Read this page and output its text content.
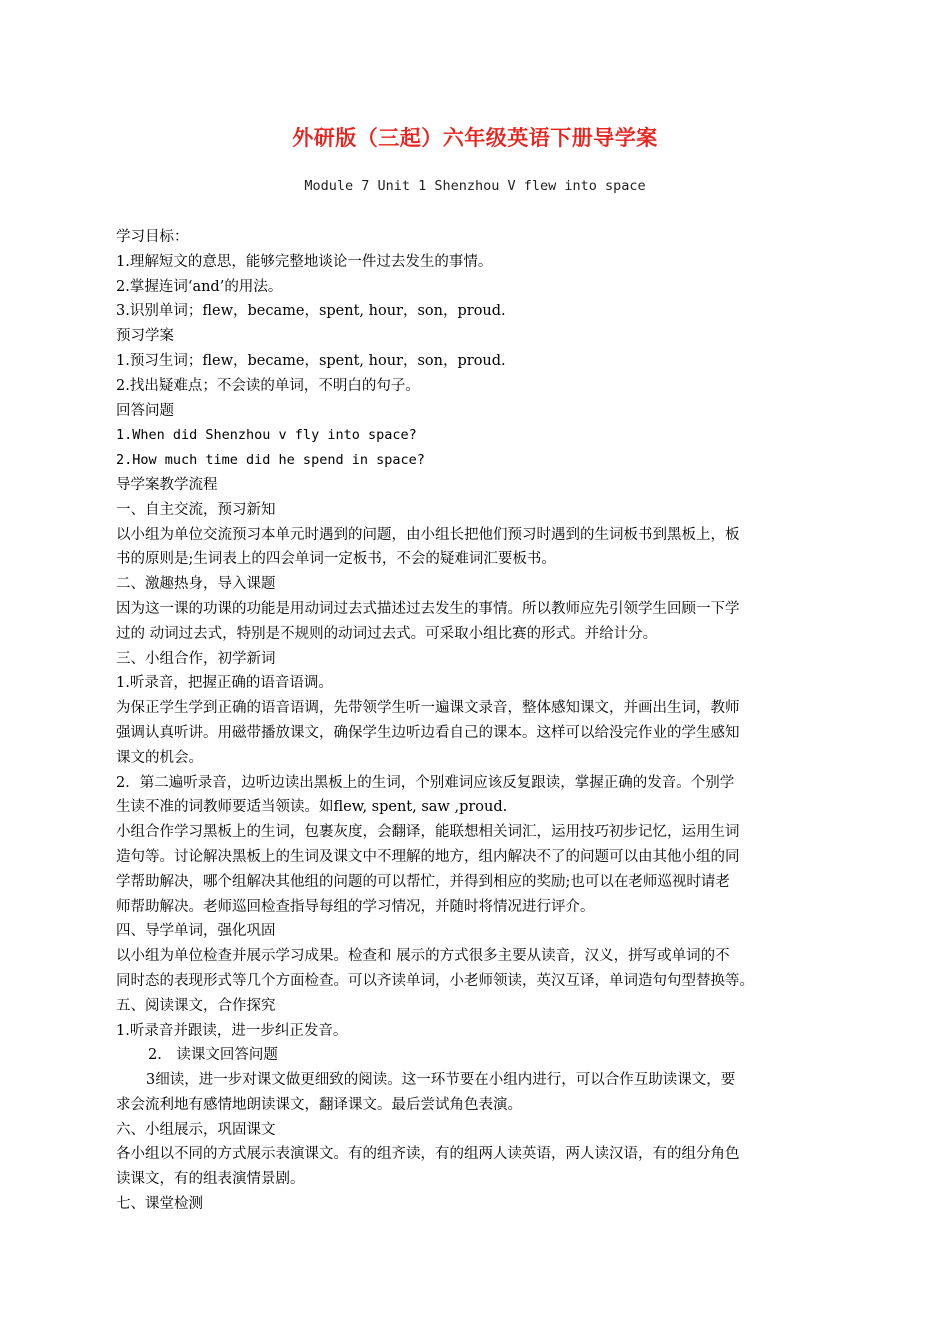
外研版（三起）六年级英语下册导学案
Module 7 Unit 1 Shenzhou V flew into space
学习目标：
1.理解短文的意思，能够完整地谈论一件过去发生的事情。
2.掌握连词‘and’的用法。
3.识别单词；flew，became，spent, hour，son，proud.
预习学案
1.预习生词；flew，became，spent, hour，son，proud.
2.找出疑难点；不会读的单词，不明白的句子。
回答问题
1.When did Shenzhou v fly into space?
2.How much time did he spend in space?
导学案教学流程
一、自主交流，预习新知
以小组为单位交流预习本单元时遇到的问题，由小组长把他们预习时遇到的生词板书到黑板上，板
书的原则是;生词表上的四会单词一定板书，不会的疑难词汇要板书。
二、激趣热身，导入课题
因为这一课的功课的功能是用动词过去式描述过去发生的事情。所以教师应先引领学生回顾一下学
过的 动词过去式，特别是不规则的动词过去式。可采取小组比赛的形式。并给计分。
三、小组合作，初学新词
1.听录音，把握正确的语音语调。
为保正学生学到正确的语音语调，先带领学生听一遍课文录音，整体感知课文，并画出生词，教师
强调认真听讲。用磁带播放课文，确保学生边听边看自己的课本。这样可以给没完作业的学生感知
课文的机会。
2．第二遍听录音，边听边读出黑板上的生词，个别难词应该反复跟读，掌握正确的发音。个别学
生读不准的词教师要适当领读。如flew, spent, saw ,proud.
小组合作学习黑板上的生词，包裹灰度，会翻译，能联想相关词汇，运用技巧初步记忆，运用生词
造句等。讨论解决黑板上的生词及课文中不理解的地方，组内解决不了的问题可以由其他小组的同
学帮助解决，哪个组解决其他组的问题的可以帮忙，并得到相应的奖励;也可以在老师巡视时请老
师帮助解决。老师巡回检查指导每组的学习情况，并随时将情况进行评介。
四、导学单词，强化巩固
以小组为单位检查并展示学习成果。检查和 展示的方式很多主要从读音，汉义，拼写或单词的不
同时态的表现形式等几个方面检查。可以齐读单词，小老师领读，英汉互译，单词造句句型替换等。
五、阅读课文，合作探究
1.听录音并跟读，进一步纠正发音。
2.　读课文回答问题
3细读，进一步对课文做更细致的阅读。这一环节要在小组内进行，可以合作互助读课文，要
求会流利地有感情地朗读课文，翻译课文。最后尝试角色表演。
六、小组展示，巩固课文
各小组以不同的方式展示表演课文。有的组齐读，有的组两人读英语，两人读汉语，有的组分角色
读课文，有的组表演情景剧。
七、课堂检测
